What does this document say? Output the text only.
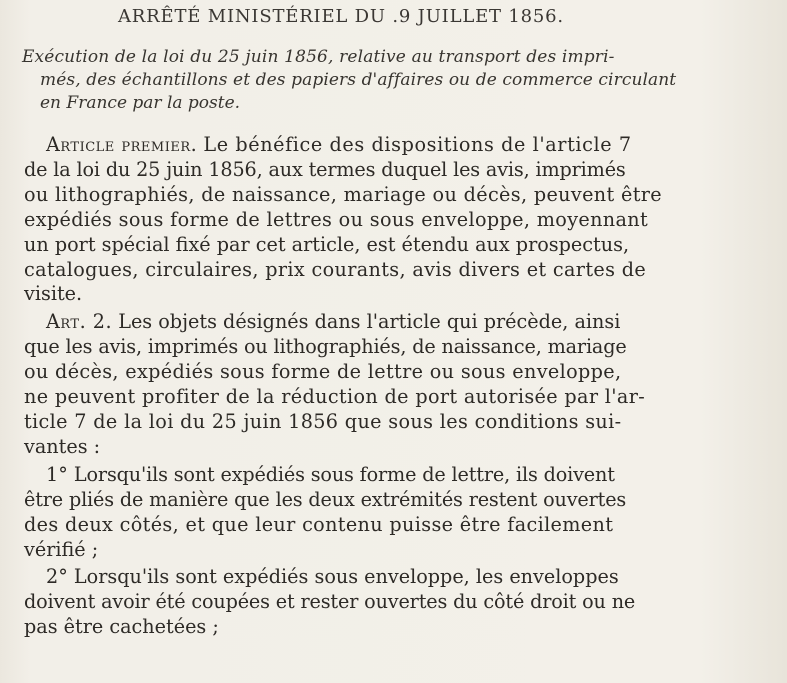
ARRÊTÉ MINISTÉRIEL DU .9 JUILLET 1856.
Exécution de la loi du 25 juin 1856, relative au transport des impri-
més, des échantillons et des papiers d'affaires ou de commerce circulant
en France par la poste.
Article premier. Le bénéfice des dispositions de l'article 7
de la loi du 25 juin 1856, aux termes duquel les avis, imprimés
ou lithographiés, de naissance, mariage ou décès, peuvent être
expédiés sous forme de lettres ou sous enveloppe, moyennant
un port spécial fixé par cet article, est étendu aux prospectus,
catalogues, circulaires, prix courants, avis divers et cartes de
visite.
Art. 2. Les objets désignés dans l'article qui précède, ainsi
que les avis, imprimés ou lithographiés, de naissance, mariage
ou décès, expédiés sous forme de lettre ou sous enveloppe,
ne peuvent profiter de la réduction de port autorisée par l'ar-
ticle 7 de la loi du 25 juin 1856 que sous les conditions sui-
vantes :
1° Lorsqu'ils sont expédiés sous forme de lettre, ils doivent
être pliés de manière que les deux extrémités restent ouvertes
des deux côtés, et que leur contenu puisse être facilement
vérifié ;
2° Lorsqu'ils sont expédiés sous enveloppe, les enveloppes
doivent avoir été coupées et rester ouvertes du côté droit ou ne
pas être cachetées ;
